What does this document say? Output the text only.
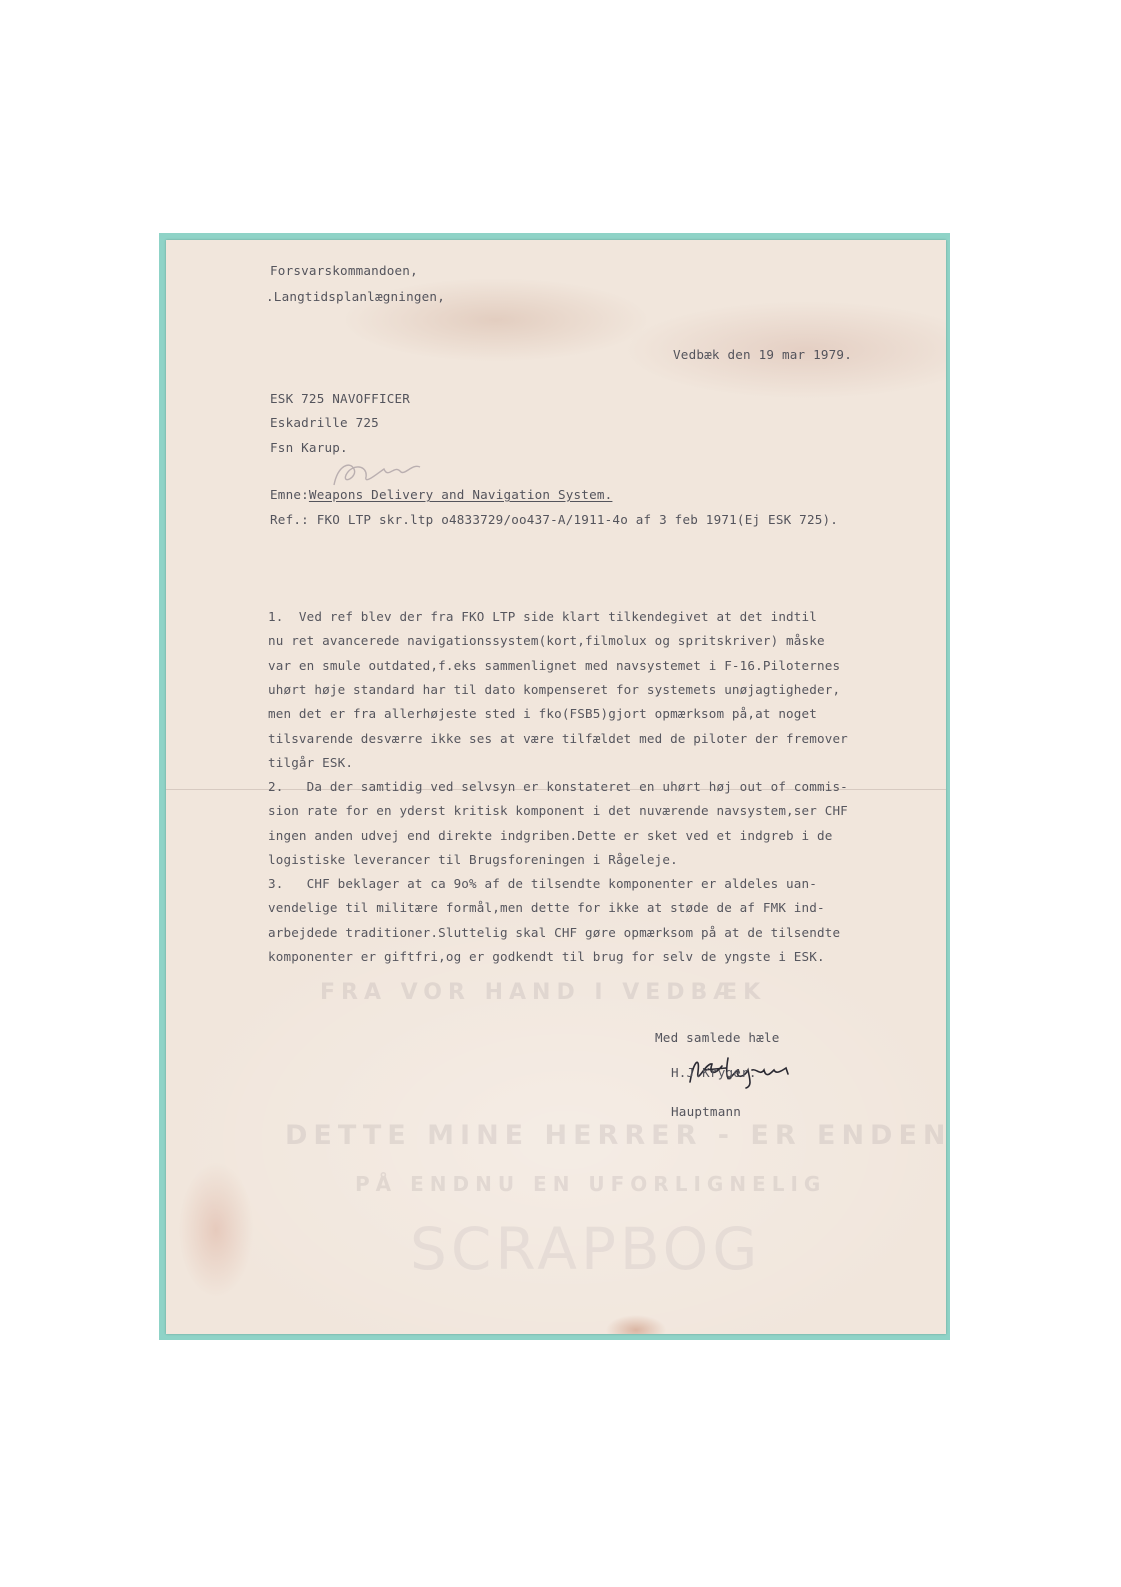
FRA VOR HAND I VEDBÆK
DETTE MINE HERRER - ER ENDEN
PÅ ENDNU EN UFORLIGNELIG
SCRAPBOG
Forsvarskommandoen,
.Langtidsplanlægningen,
Vedbæk den 19 mar 1979.
ESK 725 NAVOFFICER
Eskadrille 725
Fsn Karup.
Emne:Weapons Delivery and Navigation System.
Ref.: FKO LTP skr.ltp o4833729/oo437-A/1911-4o af 3 feb 1971(Ej ESK 725).
1.  Ved ref blev der fra FKO LTP side klart tilkendegivet at det indtil
nu ret avancerede navigationssystem(kort,filmolux og spritskriver) måske
var en smule outdated,f.eks sammenlignet med navsystemet i F-16.Piloternes
uhørt høje standard har til dato kompenseret for systemets unøjagtigheder,
men det er fra allerhøjeste sted i fko(FSB5)gjort opmærksom på,at noget
tilsvarende desværre ikke ses at være tilfældet med de piloter der fremover
tilgår ESK.
2.   Da der samtidig ved selvsyn er konstateret en uhørt høj out of commis-
sion rate for en yderst kritisk komponent i det nuværende navsystem,ser CHF
ingen anden udvej end direkte indgriben.Dette er sket ved et indgreb i de
logistiske leverancer til Brugsforeningen i Rågeleje.
3.   CHF beklager at ca 9o% af de tilsendte komponenter er aldeles uan-
vendelige til militære formål,men dette for ikke at støde de af FMK ind-
arbejdede traditioner.Sluttelig skal CHF gøre opmærksom på at de tilsendte
komponenter er giftfri,og er godkendt til brug for selv de yngste i ESK.
Med samlede hæle
H.J.Kryger.
Hauptmann
